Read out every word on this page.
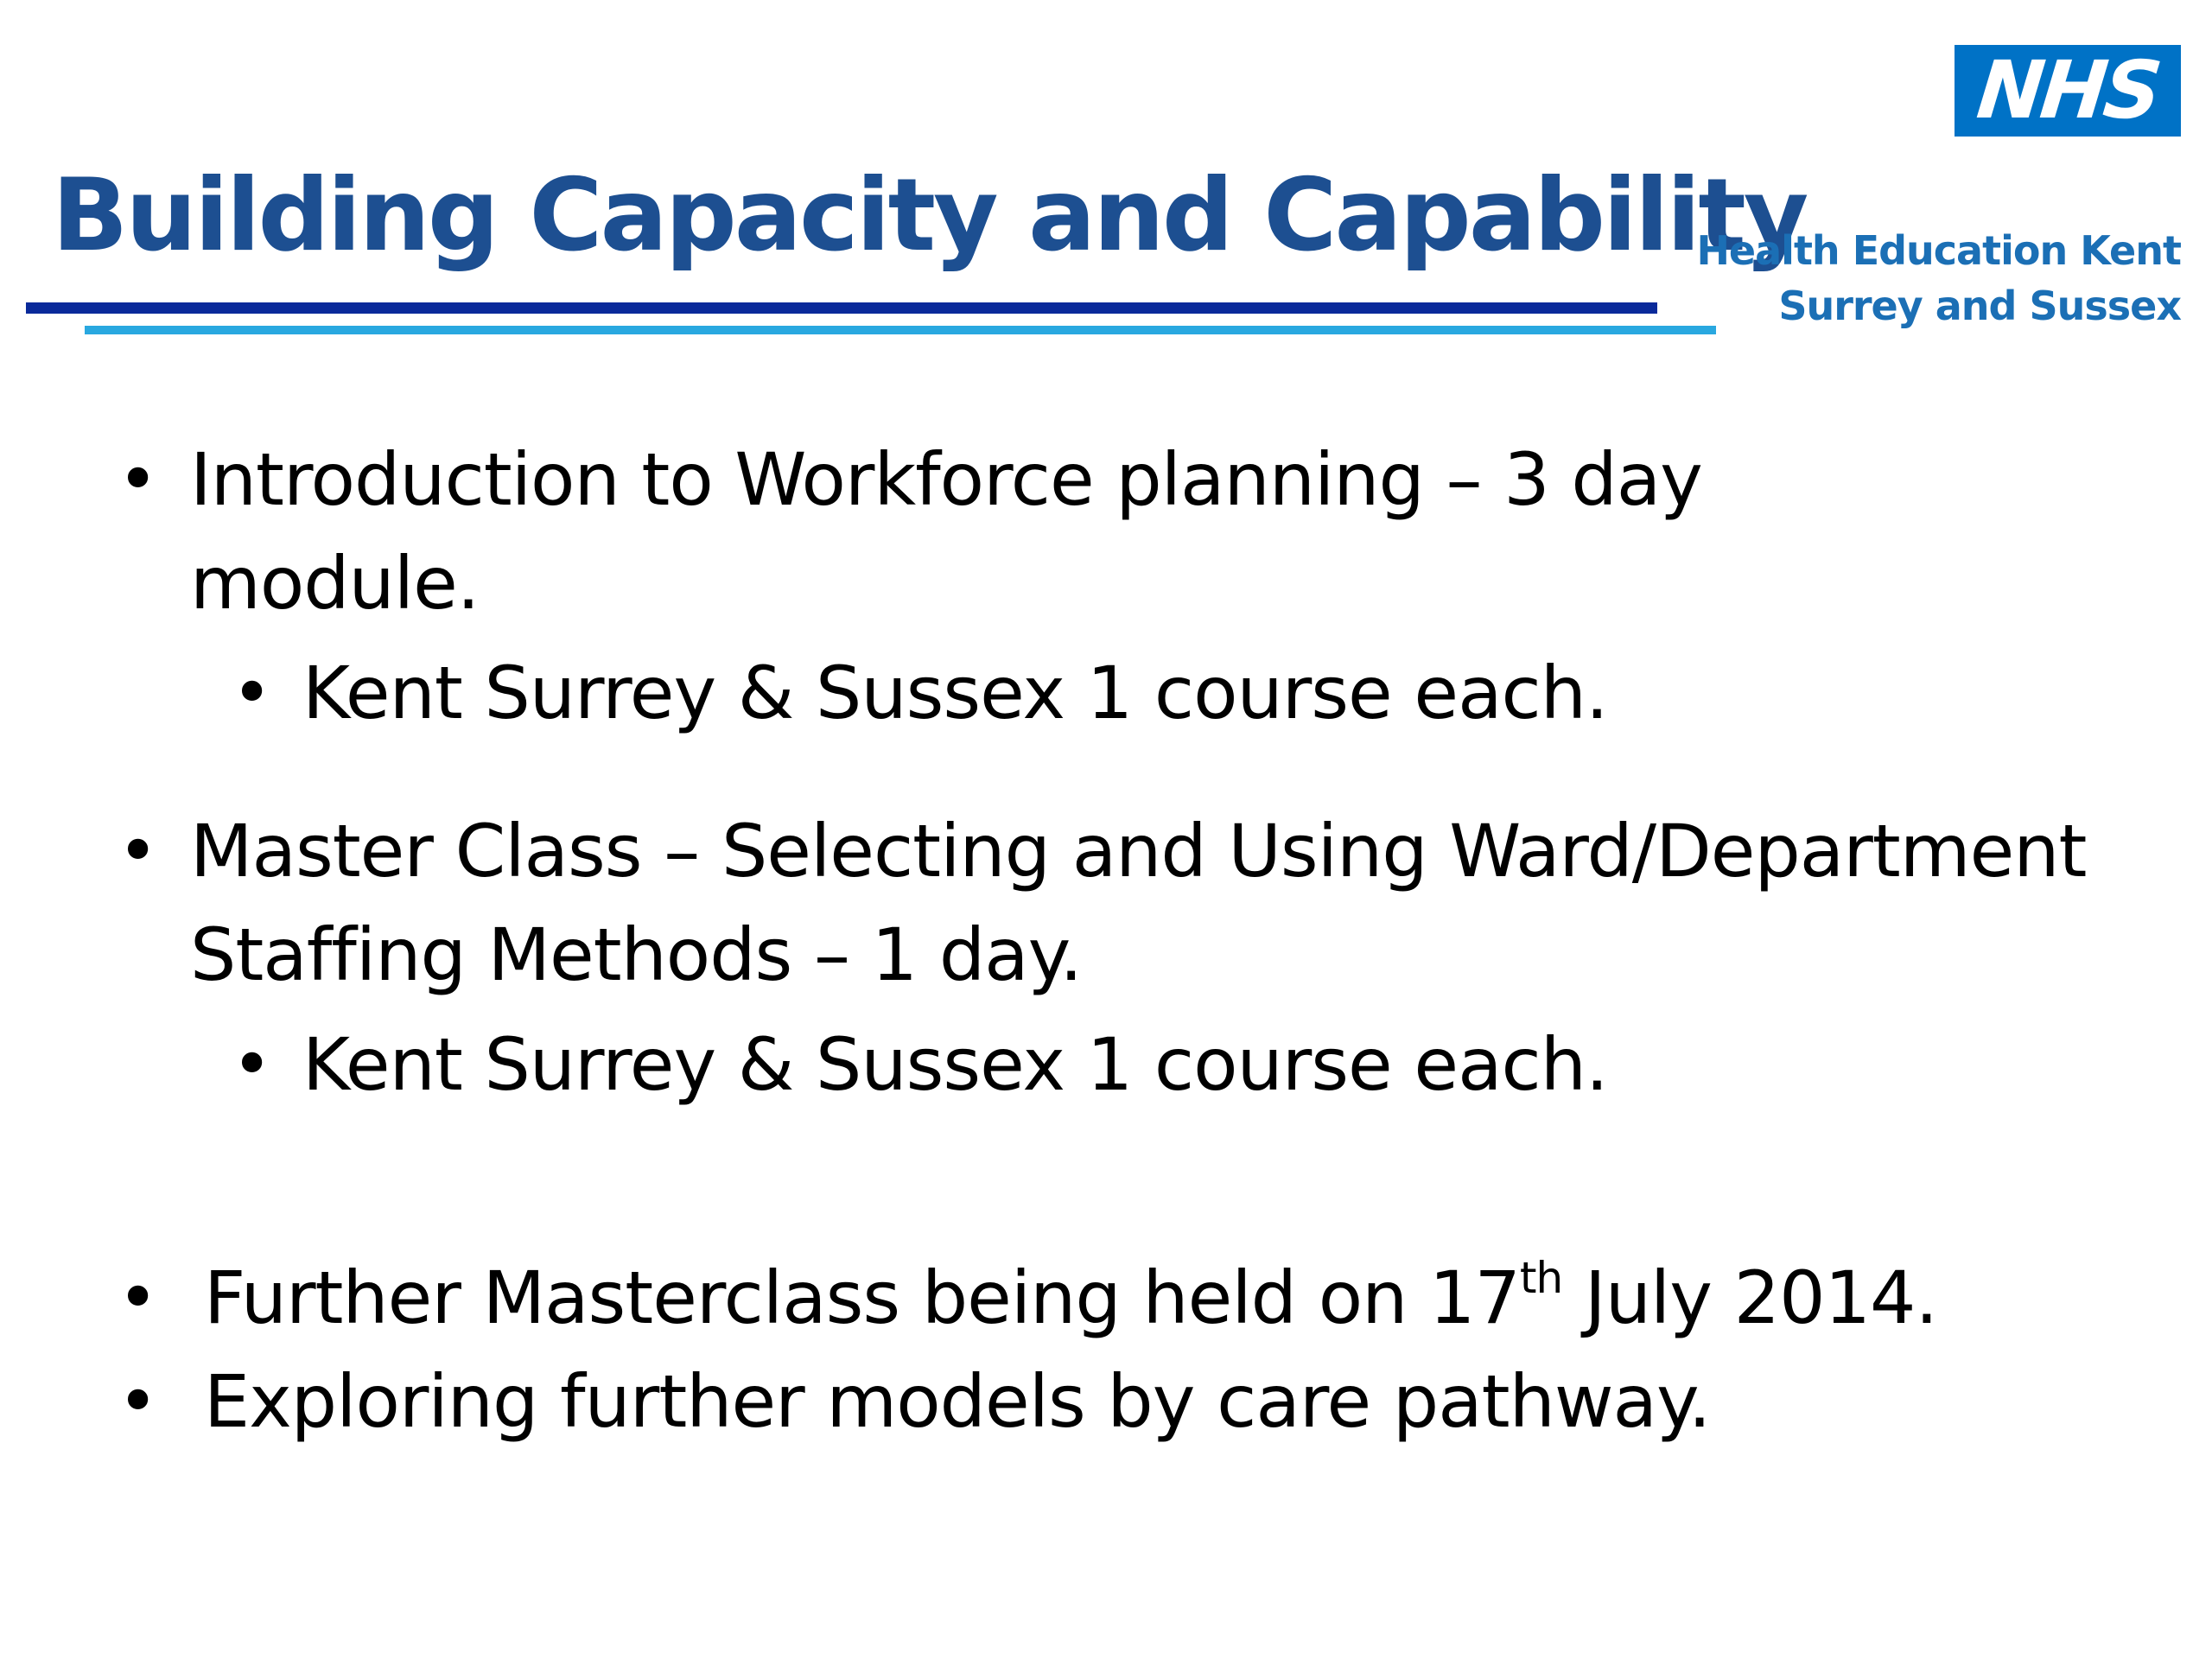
Building Capacity and Capability
NHS
Health Education Kent
Surrey and Sussex
• Introduction to Workforce planning – 3 day
module.
• Kent Surrey & Sussex 1 course each.
• Master Class – Selecting and Using Ward/Department
Staffing Methods – 1 day.
• Kent Surrey & Sussex 1 course each.
• Further Masterclass being held on 17th July 2014.
• Exploring further models by care pathway.
